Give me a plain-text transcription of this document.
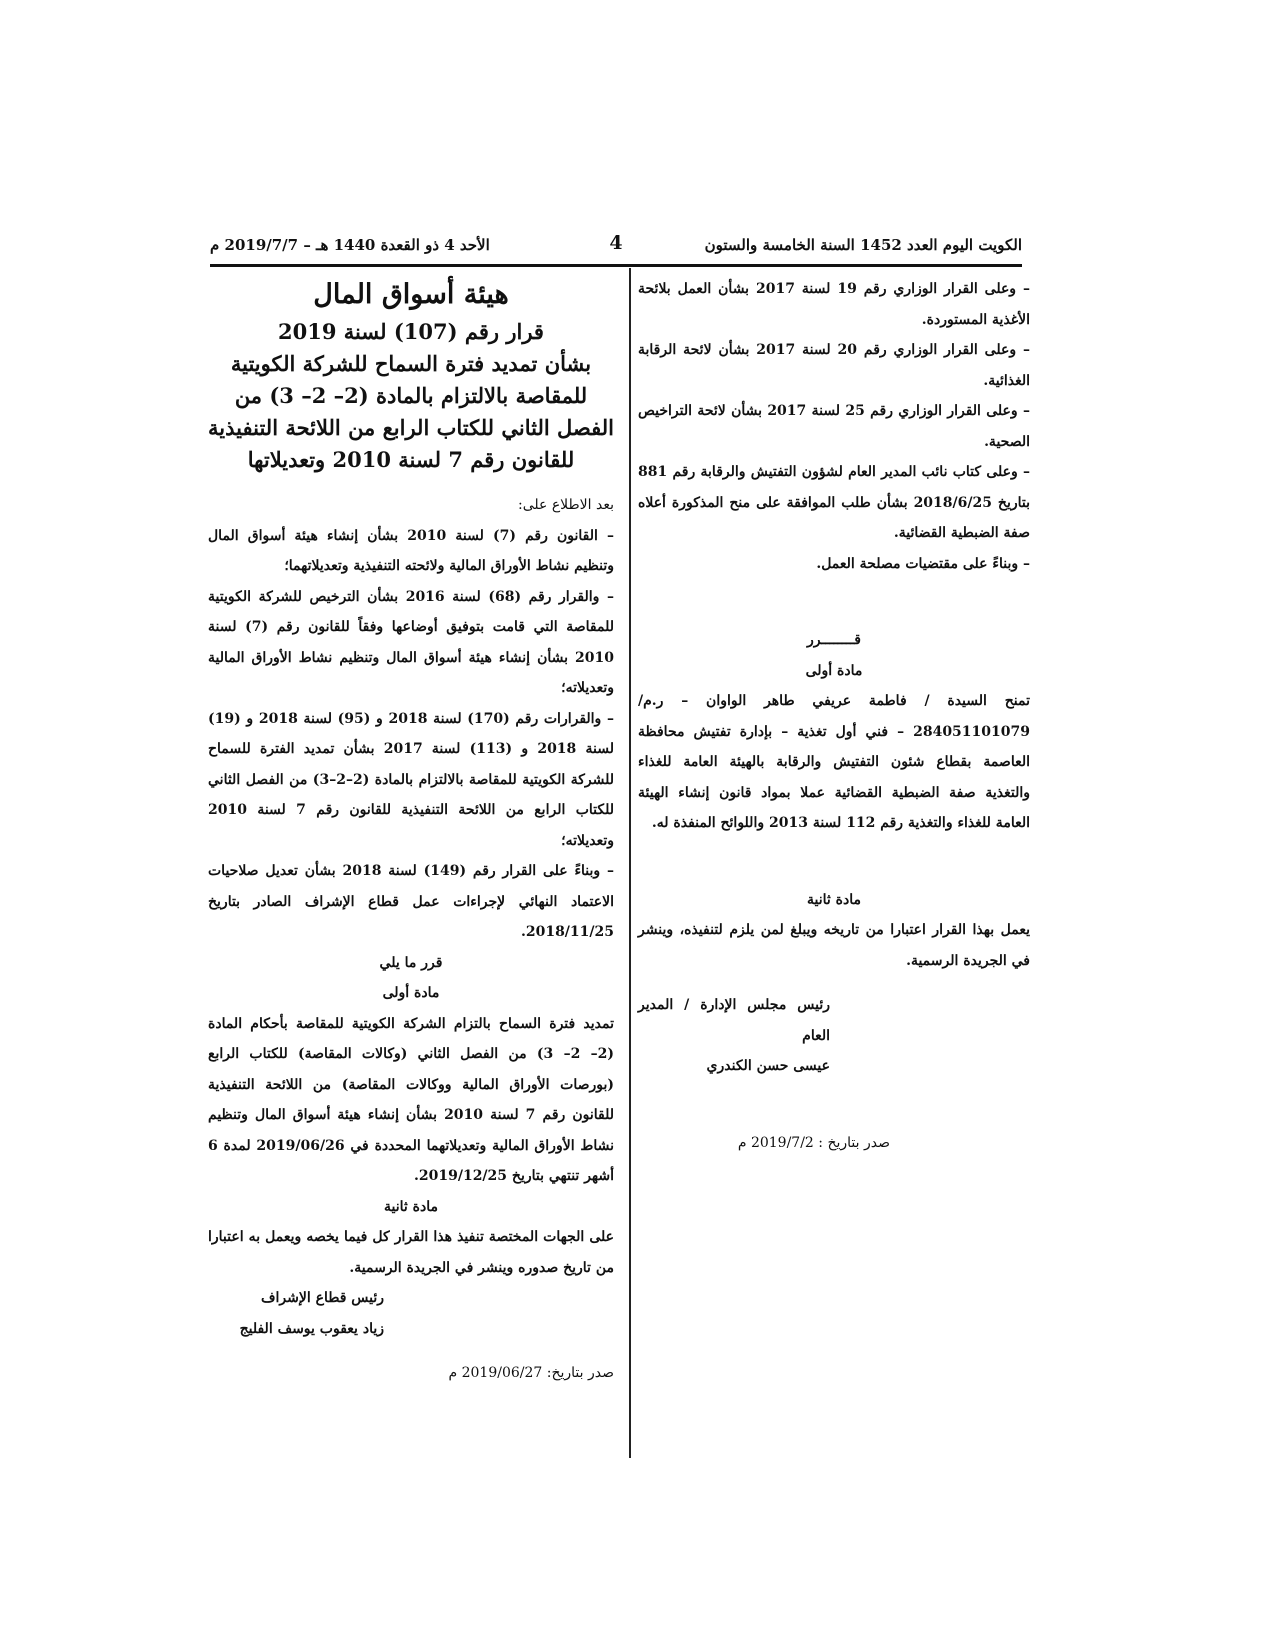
الكويت اليوم العدد 1452 السنة الخامسة والستون
4
الأحد 4 ذو القعدة 1440 هـ – 2019/7/7 م

– وعلى القرار الوزاري رقم 19 لسنة 2017 بشأن العمل بلائحة الأغذية المستوردة.

– وعلى القرار الوزاري رقم 20 لسنة 2017 بشأن لائحة الرقابة الغذائية.

– وعلى القرار الوزاري رقم 25 لسنة 2017 بشأن لائحة التراخيص الصحية.

– وعلى كتاب نائب المدير العام لشؤون التفتيش والرقابة رقم 881 بتاريخ 2018/6/25 بشأن طلب الموافقة على منح المذكورة أعلاه صفة الضبطية القضائية.

– وبناءً على مقتضيات مصلحة العمل.

قــــــــرر

مادة أولى

تمنح السيدة / فاطمة عريفي طاهر الواوان – ر.م/ 284051101079 – فني أول تغذية – بإدارة تفتيش محافظة العاصمة بقطاع شئون التفتيش والرقابة بالهيئة العامة للغذاء والتغذية صفة الضبطية القضائية عملا بمواد قانون إنشاء الهيئة العامة للغذاء والتغذية رقم 112 لسنة 2013 واللوائح المنفذة له.

مادة ثانية

يعمل بهذا القرار اعتبارا من تاريخه ويبلغ لمن يلزم لتنفيذه، وينشر في الجريدة الرسمية.

رئيس مجلس الإدارة / المدير العام

عيسى حسن الكندري

صدر بتاريخ : 2019/7/2 م

هيئة أسواق المال

قرار رقم (107) لسنة 2019

بشأن تمديد فترة السماح للشركة الكويتية للمقاصة بالالتزام بالمادة (2– 2– 3) من الفصل الثاني للكتاب الرابع من اللائحة التنفيذية للقانون رقم 7 لسنة 2010 وتعديلاتها

بعد الاطلاع على:

– القانون رقم (7) لسنة 2010 بشأن إنشاء هيئة أسواق المال وتنظيم نشاط الأوراق المالية ولائحته التنفيذية وتعديلاتهما؛

– والقرار رقم (68) لسنة 2016 بشأن الترخيص للشركة الكويتية للمقاصة التي قامت بتوفيق أوضاعها وفقاً للقانون رقم (7) لسنة 2010 بشأن إنشاء هيئة أسواق المال وتنظيم نشاط الأوراق المالية وتعديلاته؛

– والقرارات رقم (170) لسنة 2018 و (95) لسنة 2018 و (19) لسنة 2018 و (113) لسنة 2017 بشأن تمديد الفترة للسماح للشركة الكويتية للمقاصة بالالتزام بالمادة (2–2–3) من الفصل الثاني للكتاب الرابع من اللائحة التنفيذية للقانون رقم 7 لسنة 2010 وتعديلاته؛

– وبناءً على القرار رقم (149) لسنة 2018 بشأن تعديل صلاحيات الاعتماد النهائي لإجراءات عمل قطاع الإشراف الصادر بتاريخ 2018/11/25.

قرر ما يلي

مادة أولى

تمديد فترة السماح بالتزام الشركة الكويتية للمقاصة بأحكام المادة (2– 2– 3) من الفصل الثاني (وكالات المقاصة) للكتاب الرابع (بورصات الأوراق المالية ووكالات المقاصة) من اللائحة التنفيذية للقانون رقم 7 لسنة 2010 بشأن إنشاء هيئة أسواق المال وتنظيم نشاط الأوراق المالية وتعديلاتهما المحددة في 2019/06/26 لمدة 6 أشهر تنتهي بتاريخ 2019/12/25.

مادة ثانية

على الجهات المختصة تنفيذ هذا القرار كل فيما يخصه ويعمل به اعتبارا من تاريخ صدوره وينشر في الجريدة الرسمية.

رئيس قطاع الإشراف

زياد يعقوب يوسف الفليج

صدر بتاريخ: 2019/06/27 م
